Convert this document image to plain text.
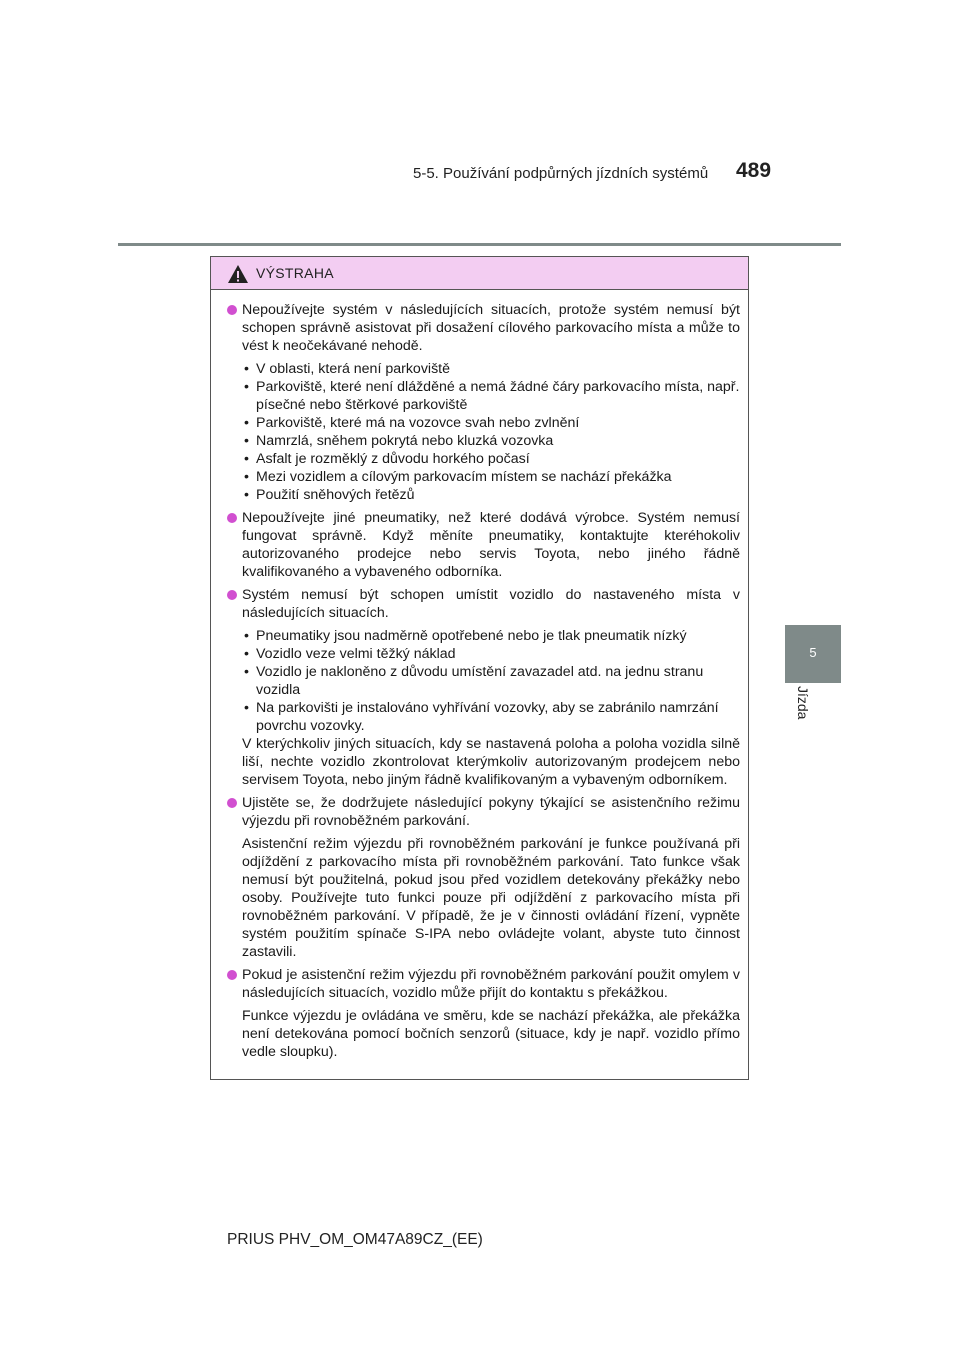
5-5. Používání podpůrných jízdních systémů 489
5
Jízda
VÝSTRAHA
Nepoužívejte systém v následujících situacích, protože systém nemusí být schopen správně asistovat při dosažení cílového parkovacího místa a může to vést k neočekávané nehodě.
• V oblasti, která není parkoviště
• Parkoviště, které není dlážděné a nemá žádné čáry parkovacího místa, např. písečné nebo štěrkové parkoviště
• Parkoviště, které má na vozovce svah nebo zvlnění
• Namrzlá, sněhem pokrytá nebo kluzká vozovka
• Asfalt je rozměklý z důvodu horkého počasí
• Mezi vozidlem a cílovým parkovacím místem se nachází překážka
• Použití sněhových řetězů
Nepoužívejte jiné pneumatiky, než které dodává výrobce. Systém nemusí fungovat správně. Když měníte pneumatiky, kontaktujte kteréhokoliv autorizovaného prodejce nebo servis Toyota, nebo jiného řádně kvalifikovaného a vybaveného odborníka.
Systém nemusí být schopen umístit vozidlo do nastaveného místa v následujících situacích.
• Pneumatiky jsou nadměrně opotřebené nebo je tlak pneumatik nízký
• Vozidlo veze velmi těžký náklad
• Vozidlo je nakloněno z důvodu umístění zavazadel atd. na jednu stranu vozidla
• Na parkovišti je instalováno vyhřívání vozovky, aby se zabránilo namrzání povrchu vozovky.

V kterýchkoliv jiných situacích, kdy se nastavená poloha a poloha vozidla silně liší, nechte vozidlo zkontrolovat kterýmkoliv autorizovaným prodejcem nebo servisem Toyota, nebo jiným řádně kvalifikovaným a vybaveným odborníkem.

Ujistěte se, že dodržujete následující pokyny týkající se asistenčního režimu výjezdu při rovnoběžném parkování.

Asistenční režim výjezdu při rovnoběžném parkování je funkce používaná při odjíždění z parkovacího místa při rovnoběžném parkování. Tato funkce však nemusí být použitelná, pokud jsou před vozidlem detekovány překážky nebo osoby. Používejte tuto funkci pouze při odjíždění z parkovacího místa při rovnoběžném parkování. V případě, že je v činnosti ovládání řízení, vypněte systém použitím spínače S-IPA nebo ovládejte volant, abyste tuto činnost zastavili.

Pokud je asistenční režim výjezdu při rovnoběžném parkování použit omylem v následujících situacích, vozidlo může přijít do kontaktu s překážkou.

Funkce výjezdu je ovládána ve směru, kde se nachází překážka, ale překážka není detekována pomocí bočních senzorů (situace, kdy je např. vozidlo přímo vedle sloupku).

PRIUS PHV_OM_OM47A89CZ_(EE)
